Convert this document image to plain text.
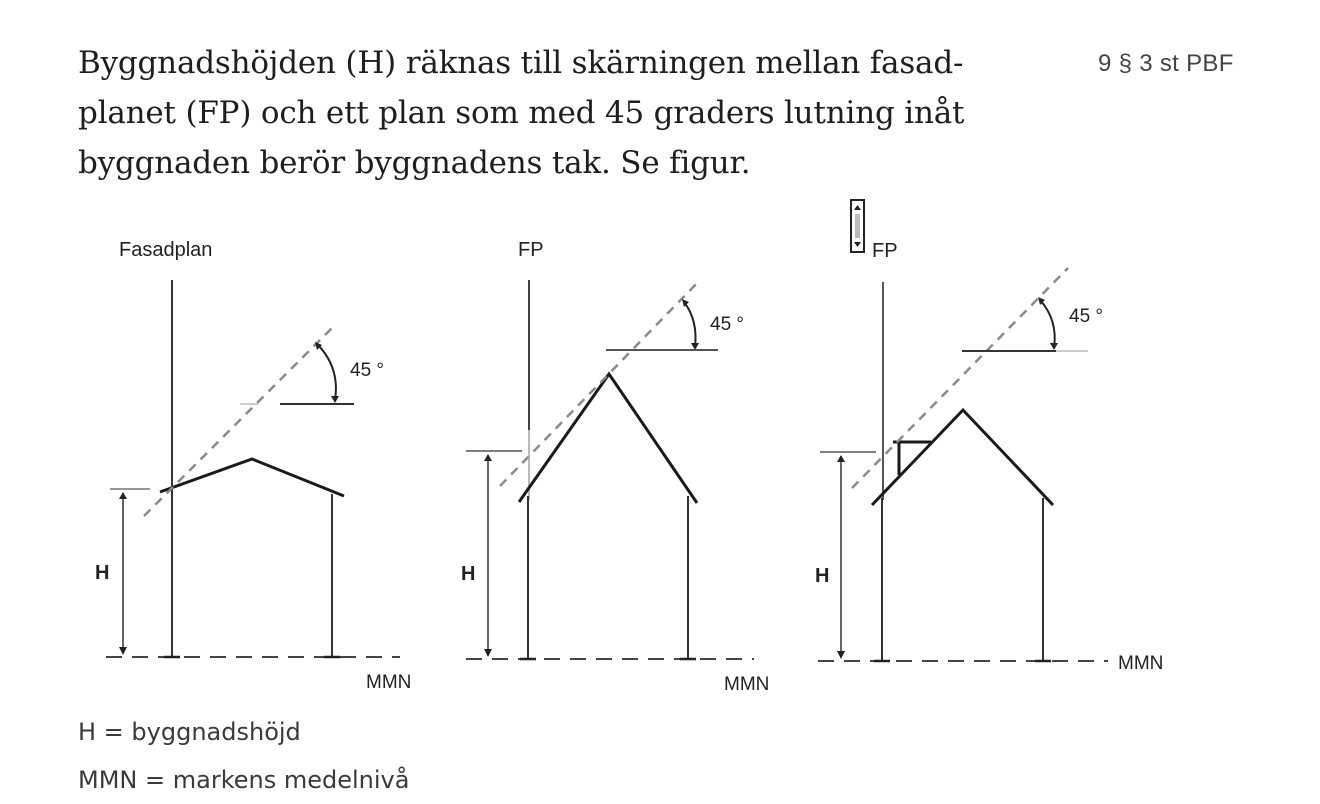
Byggnadshöjden (H) räknas till skärningen mellan fasad-
planet (FP) och ett plan som med 45 graders lutning inåt
byggnaden berör byggnadens tak. Se figur.
9 § 3 st PBF
Fasadplan
45 °
H
MMN
FP
45 °
H
MMN
FP
45 °
H
MMN
H = byggnadshöjd
MMN = markens medelnivå
